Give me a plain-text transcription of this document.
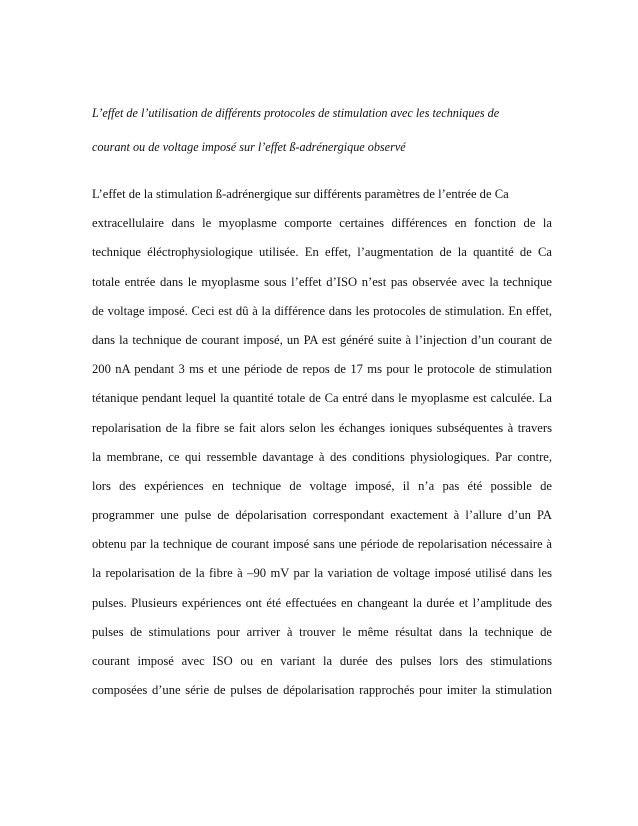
L’effet de l’utilisation de différents protocoles de stimulation avec les techniques de
courant ou de voltage imposé sur l’effet ß-adrénergique observé
L’effet de la stimulation ß-adrénergique sur différents paramètres de l’entrée de Ca
extracellulaire dans le myoplasme comporte certaines différences en fonction de la
technique éléctrophysiologique utilisée. En effet, l’augmentation de la quantité de Ca
totale entrée dans le myoplasme sous l’effet d’ISO n’est pas observée avec la technique
de voltage imposé. Ceci est dû à la différence dans les protocoles de stimulation. En effet,
dans la technique de courant imposé, un PA est généré suite à l’injection d’un courant de
200 nA pendant 3 ms et une période de repos de 17 ms pour le protocole de stimulation
tétanique pendant lequel la quantité totale de Ca entré dans le myoplasme est calculée. La
repolarisation de la fibre se fait alors selon les échanges ioniques subséquentes à travers
la membrane, ce qui ressemble davantage à des conditions physiologiques. Par contre,
lors des expériences en technique de voltage imposé, il n’a pas été possible de
programmer une pulse de dépolarisation correspondant exactement à l’allure d’un PA
obtenu par la technique de courant imposé sans une période de repolarisation nécessaire à
la repolarisation de la fibre à –90 mV par la variation de voltage imposé utilisé dans les
pulses. Plusieurs expériences ont été effectuées en changeant la durée et l’amplitude des
pulses de stimulations pour arriver à trouver le même résultat dans la technique de
courant imposé avec ISO ou en variant la durée des pulses lors des stimulations
composées d’une série de pulses de dépolarisation rapprochés pour imiter la stimulation
